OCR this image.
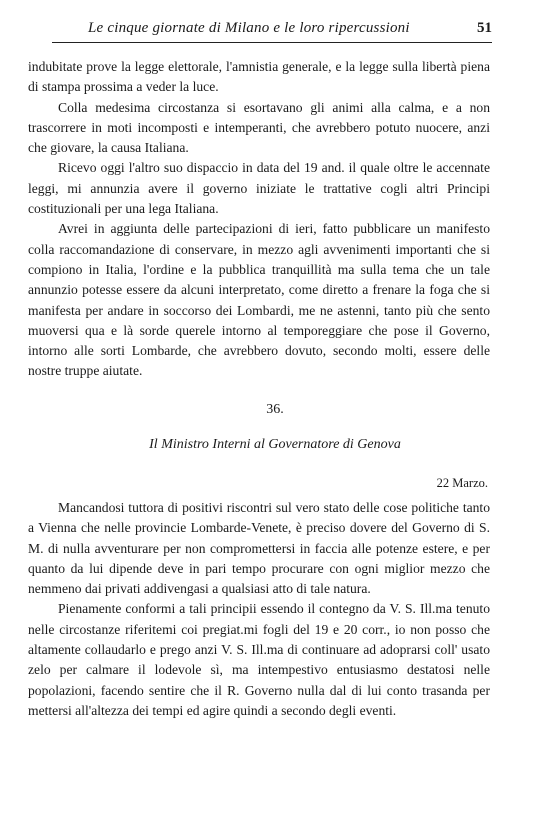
Le cinque giornate di Milano e le loro ripercussioni	51

indubitate prove la legge elettorale, l'amnistia generale, e la legge sulla libertà piena di stampa prossima a veder la luce.

Colla medesima circostanza si esortavano gli animi alla calma, e a non trascorrere in moti incomposti e intemperanti, che avrebbero potuto nuocere, anzi che giovare, la causa Italiana.

Ricevo oggi l'altro suo dispaccio in data del 19 and. il quale oltre le accennate leggi, mi annunzia avere il governo iniziate le trattative cogli altri Principi costituzionali per una lega Italiana.

Avrei in aggiunta delle partecipazioni di ieri, fatto pubblicare un manifesto colla raccomandazione di conservare, in mezzo agli avvenimenti importanti che si compiono in Italia, l'ordine e la pubblica tranquillità ma sulla tema che un tale annunzio potesse essere da alcuni interpretato, come diretto a frenare la foga che si manifesta per andare in soccorso dei Lombardi, me ne astenni, tanto più che sento muoversi qua e là sorde querele intorno al temporeggiare che pose il Governo, intorno alle sorti Lombarde, che avrebbero dovuto, secondo molti, essere delle nostre truppe aiutate.

36.
Il Ministro Interni al Governatore di Genova
22 Marzo.

Mancandosi tuttora di positivi riscontri sul vero stato delle cose politiche tanto a Vienna che nelle provincie Lombarde-Venete, è preciso dovere del Governo di S. M. di nulla avventurare per non compromettersi in faccia alle potenze estere, e per quanto da lui dipende deve in pari tempo procurare con ogni miglior mezzo che nemmeno dai privati addivengasi a qualsiasi atto di tale natura.

Pienamente conformi a tali principii essendo il contegno da V. S. Ill.ma tenuto nelle circostanze riferitemi coi pregiat.mi fogli del 19 e 20 corr., io non posso che altamente collaudarlo e prego anzi V. S. Ill.ma di continuare ad adoprarsi coll' usato zelo per calmare il lodevole sì, ma intempestivo entusiasmo destatosi nelle popolazioni, facendo sentire che il R. Governo nulla dal di lui conto trasanda per mettersi all'altezza dei tempi ed agire quindi a secondo degli eventi.
